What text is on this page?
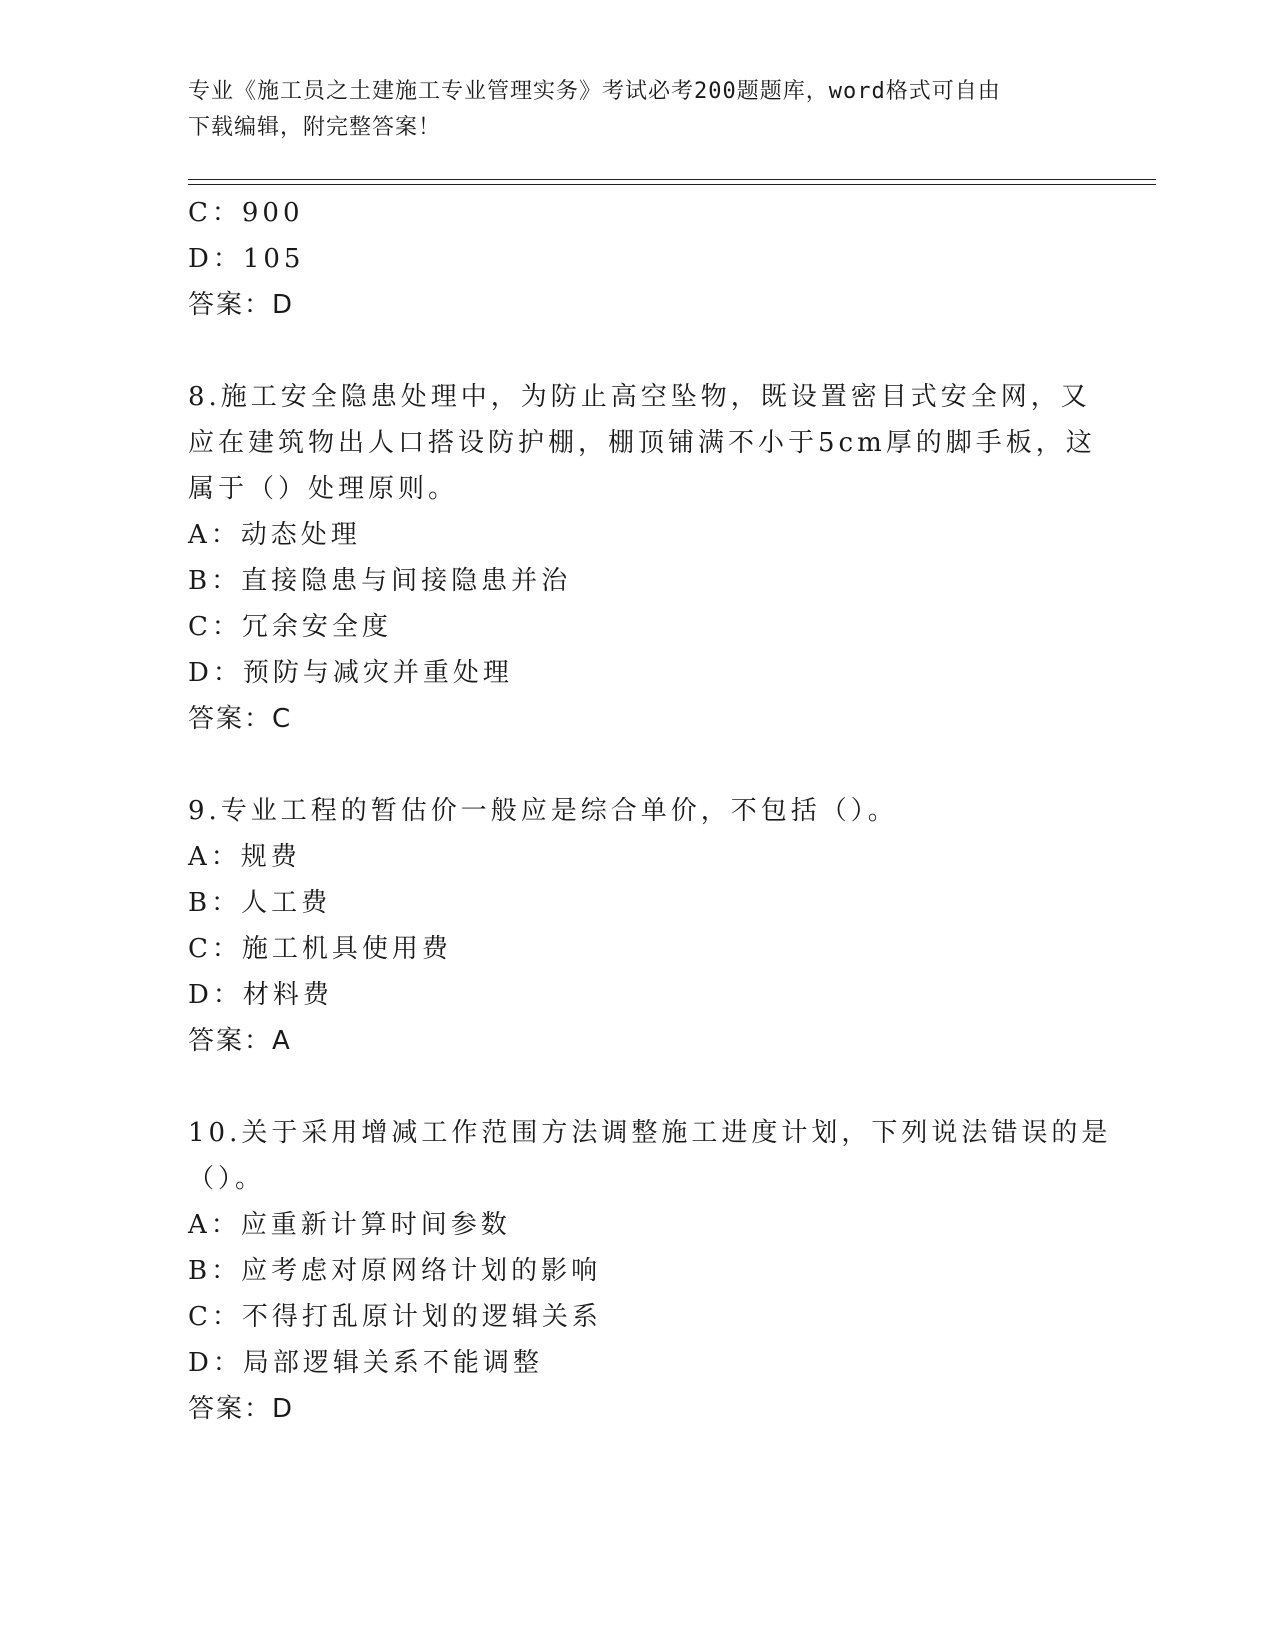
专业《施工员之土建施工专业管理实务》考试必考200题题库，word格式可自由
下载编辑，附完整答案！
C：900
D：105
答案：D
8.施工安全隐患处理中，为防止高空坠物，既设置密目式安全网，又
应在建筑物出人口搭设防护棚，棚顶铺满不小于5cm厚的脚手板，这
属于（）处理原则。
A：动态处理
B：直接隐患与间接隐患并治
C：冗余安全度
D：预防与减灾并重处理
答案：C
9.专业工程的暂估价一般应是综合单价，不包括（）。
A：规费
B：人工费
C：施工机具使用费
D：材料费
答案：A
10.关于采用增减工作范围方法调整施工进度计划，下列说法错误的是
（）。
A：应重新计算时间参数
B：应考虑对原网络计划的影响
C：不得打乱原计划的逻辑关系
D：局部逻辑关系不能调整
答案：D
